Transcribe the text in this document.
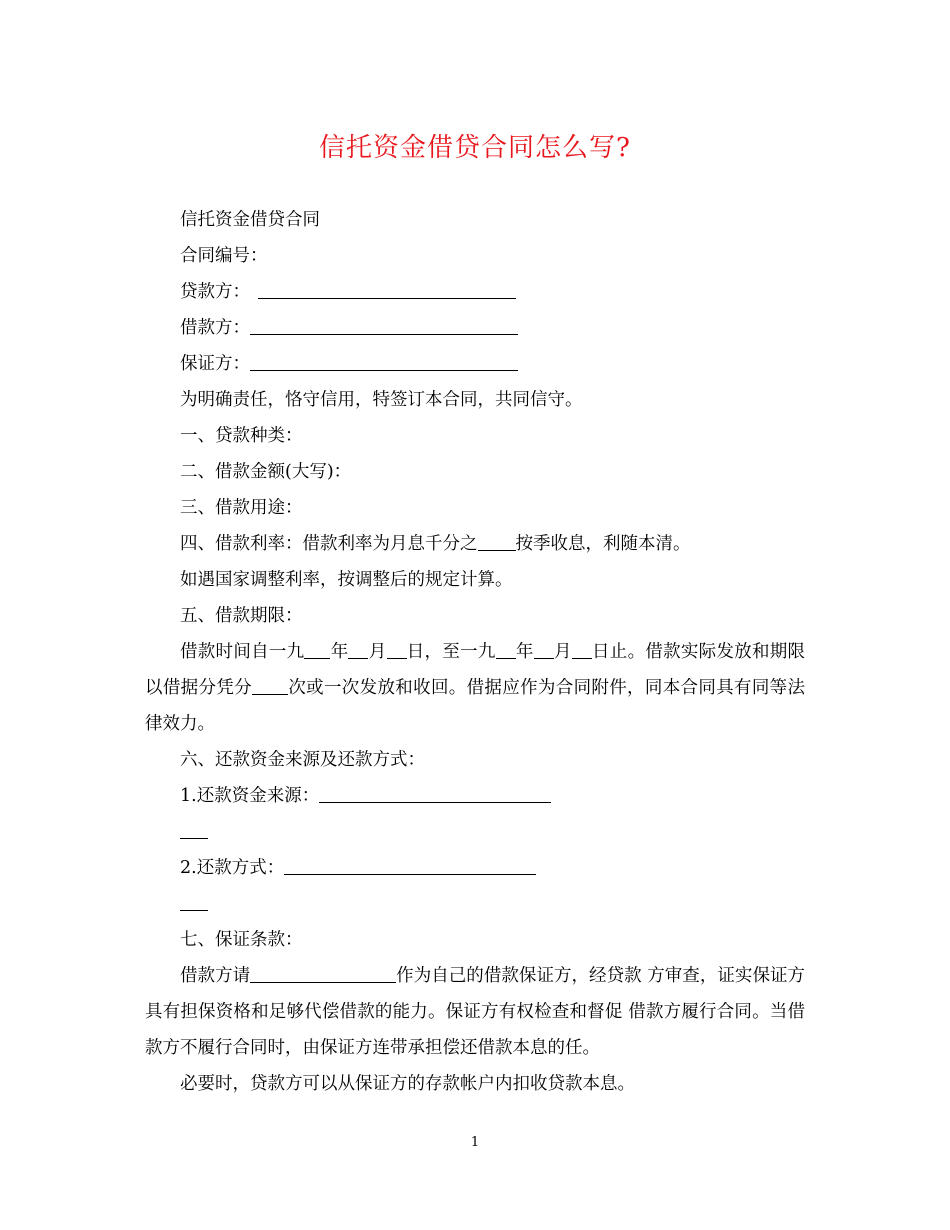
信托资金借贷合同怎么写?
信托资金借贷合同
合同编号：
贷款方：
借款方：
保证方：
为明确责任，恪守信用，特签订本合同，共同信守。
一、贷款种类：
二、借款金额(大写)：
三、借款用途：
四、借款利率：借款利率为月息千分之 按季收息，利随本清。
如遇国家调整利率，按调整后的规定计算。
五、借款期限：
借款时间自一九 年 月 日，至一九 年 月 日止。借款实际发放和期限以借据分凭分 次或一次发放和收回。借据应作为合同附件，同本合同具有同等法律效力。
六、还款资金来源及还款方式：
1.还款资金来源：
2.还款方式：
七、保证条款：
借款方请	作为自己的借款保证方，经贷款 方审查，证实保证方具有担保资格和足够代偿借款的能力。保证方有权检查和督促 借款方履行合同。当借款方不履行合同时，由保证方连带承担偿还借款本息的任。
必要时，贷款方可以从保证方的存款帐户内扣收贷款本息。
1
